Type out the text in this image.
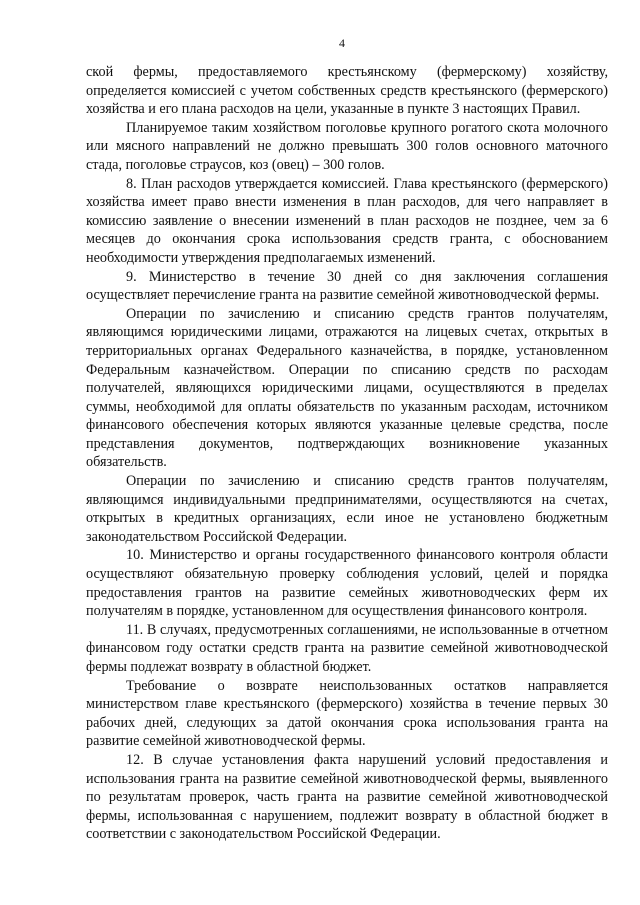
4

ской фермы, предоставляемого крестьянскому (фермерскому) хозяйству, определяется комиссией с учетом собственных средств крестьянского (фермерского) хозяйства и его плана расходов на цели, указанные в пункте 3 настоящих Правил.

Планируемое таким хозяйством поголовье крупного рогатого скота молочного или мясного направлений не должно превышать 300 голов основного маточного стада, поголовье страусов, коз (овец) – 300 голов.

8. План расходов утверждается комиссией. Глава крестьянского (фермерского) хозяйства имеет право внести изменения в план расходов, для чего направляет в комиссию заявление о внесении изменений в план расходов не позднее, чем за 6 месяцев до окончания срока использования средств гранта, с обоснованием необходимости утверждения предполагаемых изменений.

9. Министерство в течение 30 дней со дня заключения соглашения осуществляет перечисление гранта на развитие семейной животноводческой фермы.

Операции по зачислению и списанию средств грантов получателям, являющимся юридическими лицами, отражаются на лицевых счетах, открытых в территориальных органах Федерального казначейства, в порядке, установленном Федеральным казначейством. Операции по списанию средств по расходам получателей, являющихся юридическими лицами, осуществляются в пределах суммы, необходимой для оплаты обязательств по указанным расходам, источником финансового обеспечения которых являются указанные целевые средства, после представления документов, подтверждающих возникновение указанных обязательств.

Операции по зачислению и списанию средств грантов получателям, являющимся индивидуальными предпринимателями, осуществляются на счетах, открытых в кредитных организациях, если иное не установлено бюджетным законодательством Российской Федерации.

10. Министерство и органы государственного финансового контроля области осуществляют обязательную проверку соблюдения условий, целей и порядка предоставления грантов на развитие семейных животноводческих ферм их получателям в порядке, установленном для осуществления финансового контроля.

11. В случаях, предусмотренных соглашениями, не использованные в отчетном финансовом году остатки средств гранта на развитие семейной животноводческой фермы подлежат возврату в областной бюджет.

Требование о возврате неиспользованных остатков направляется министерством главе крестьянского (фермерского) хозяйства в течение первых 30 рабочих дней, следующих за датой окончания срока использования гранта на развитие семейной животноводческой фермы.

12. В случае установления факта нарушений условий предоставления и использования гранта на развитие семейной животноводческой фермы, выявленного по результатам проверок, часть гранта на развитие семейной животноводческой фермы, использованная с нарушением, подлежит возврату в областной бюджет в соответствии с законодательством Российской Федерации.
